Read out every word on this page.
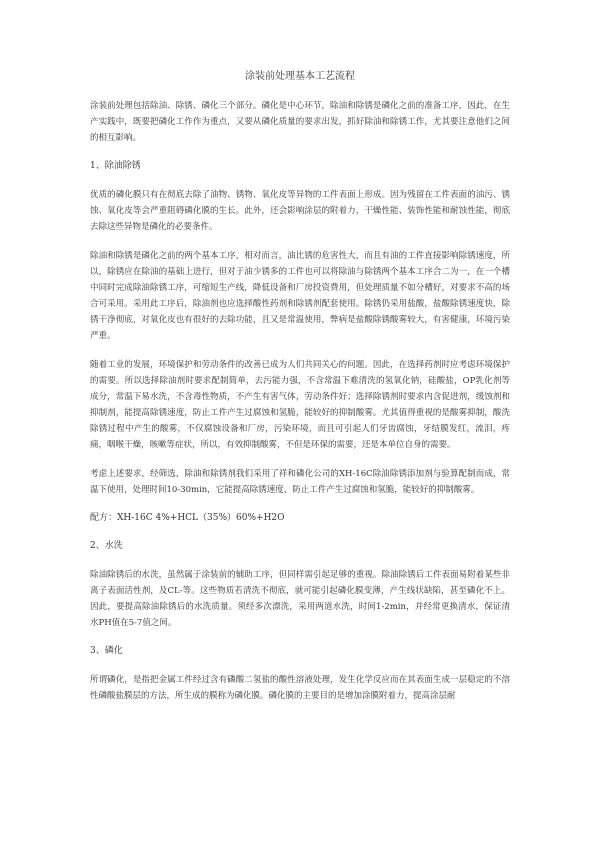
涂装前处理基本工艺流程

涂装前处理包括除油、除锈、磷化三个部分。磷化是中心环节，除油和除锈是磷化之前的准备工序，因此，在生产实践中，既要把磷化工作作为重点，又要从磷化质量的要求出发，抓好除油和除锈工作，尤其要注意他们之间的相互影响。

1、除油除锈

优质的磷化膜只有在彻底去除了油物、锈物、氧化皮等异物的工件表面上形成。因为残留在工件表面的油污、锈蚀、氧化皮等会严重阻碍磷化膜的生长。此外，还会影响涂层的附着力，干燥性能、装饰性能和耐蚀性能，彻底去除这些异物是磷化的必要条件。

除油和除锈是磷化之前的两个基本工序，相对而言，油比锈的危害性大，而且有油的工件直接影响除锈速度，所以，除锈应在除油的基础上进行，但对于油少锈多的工件也可以将除油与除锈两个基本工序合二为一，在一个槽中同时完成除油除锈工序，可缩短生产线，降低设备和厂房投资费用，但处理质量不如分槽好，对要求不高的场合可采用。采用此工序后，除油剂也应选择酸性药剂和除锈剂配套使用。除锈仍采用盐酸，盐酸除锈速度快，除锈干净彻底，对氧化皮也有很好的去除功能，且又是常温使用，弊病是盐酸除锈酸雾较大，有害健康，环境污染严重。

随着工业的发展，环境保护和劳动条件的改善已成为人们共同关心的问题。因此，在选择药剂时应考虑环境保护的需要。所以选择除油剂时要求配制简单，去污能力强，不含常温下难清洗的氢氧化钠，硅酸盐，OP乳化剂等成分，常温下易水洗，不含毒性物质，不产生有害气体，劳动条件好；选择除锈剂时要求内含促进剂，缓蚀剂和抑制剂，能提高除锈速度，防止工件产生过腐蚀和氢脆，能较好的抑制酸雾。尤其值得重视的是酸雾抑制，酸洗除锈过程中产生的酸雾，不仅腐蚀设备和厂房，污染环境，而且可引起人们牙齿腐蚀，牙结膜发红，流泪，疼痛，咽喉干燥，咳嗽等症状，所以，有效抑制酸雾，不但是环保的需要，还是本单位自身的需要。

考虑上述要求，经筛选，除油和除锈剂我们采用了祥和磷化公司的XH-16C除油除锈添加剂与验算配制而成，常温下使用，处理时间10-30min，它能提高除锈速度，防止工件产生过腐蚀和氢脆，能较好的抑制酸雾。

配方：XH-16C 4%+HCL（35%）60%+H2O
2、水洗

除油除锈后的水洗，虽然属于涂装前的辅助工序，但同样需引起足够的重视。除油除锈后工件表面易附着某些非离子表面活性剂，及CL-等。这些物质若清洗不彻底，就可能引起磷化膜变薄，产生线状缺陷，甚至磷化不上。因此，要提高除油除锈后的水洗质量。须经多次漂洗，采用两道水洗，时间1-2min，并经常更换清水，保证清水PH值在5-7值之间。

3、磷化

所谓磷化，是指把金属工件经过含有磷酸二氢盐的酸性溶液处理，发生化学反应而在其表面生成一层稳定的不溶性磷酸盐膜层的方法，所生成的膜称为磷化膜。磷化膜的主要目的是增加涂膜附着力，提高涂层耐
